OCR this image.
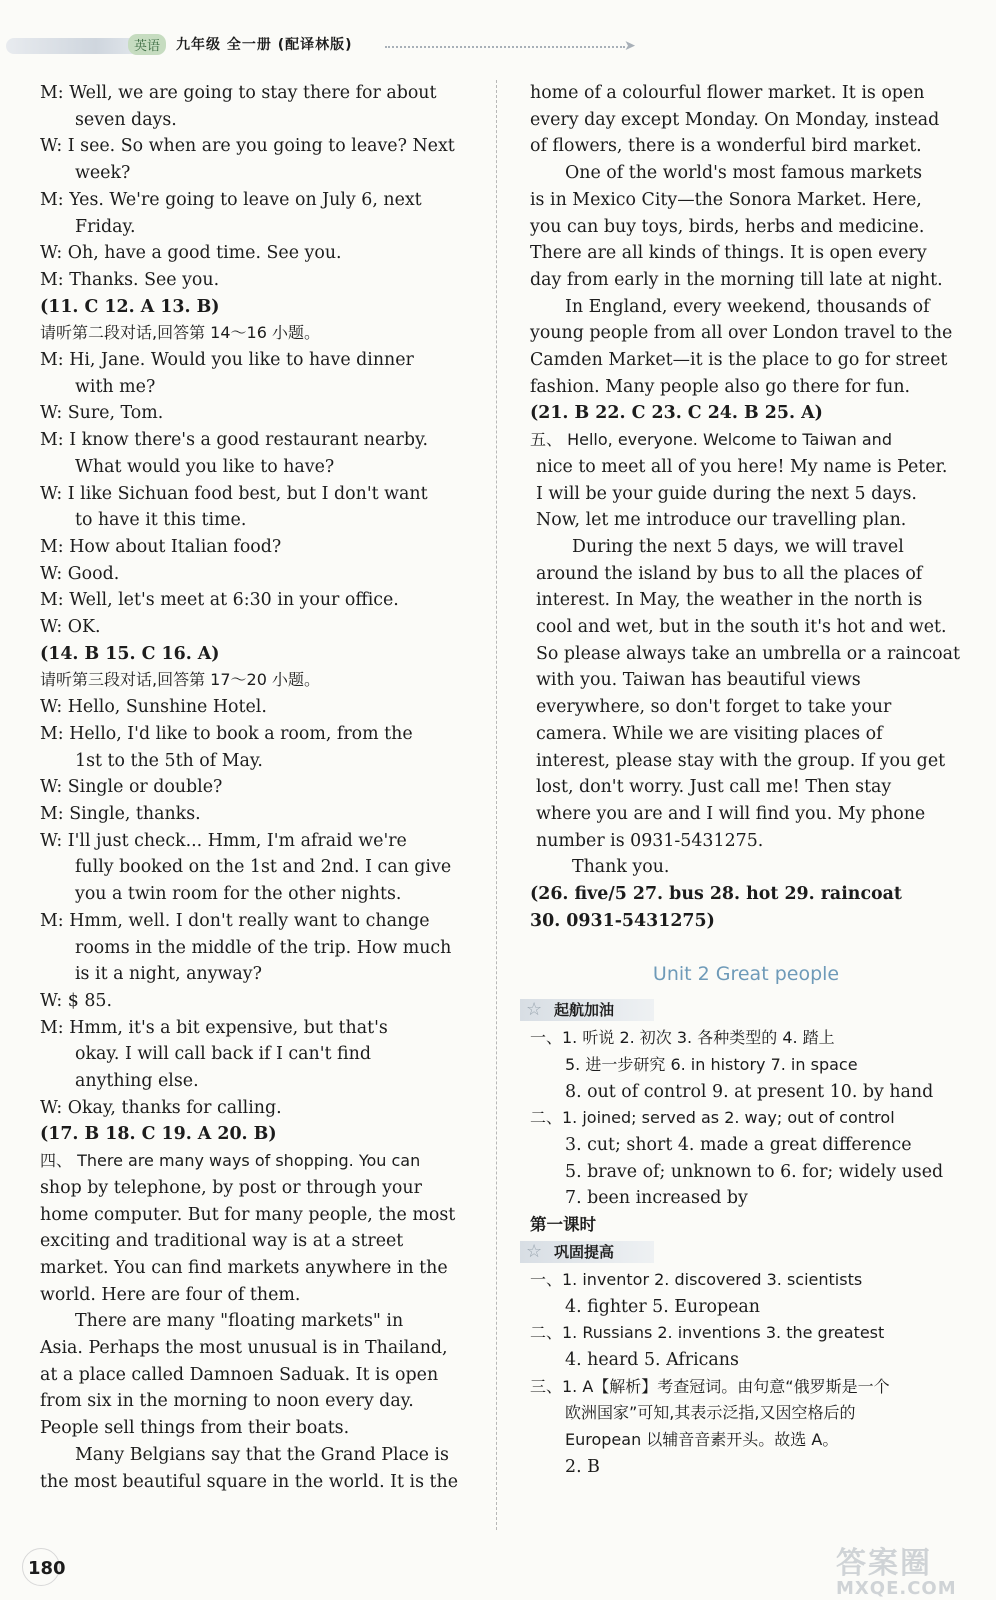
英语	九年级 全一册 (配译林版)	➤
M: Well, we are going to stay there for about
seven days.
W: I see. So when are you going to leave? Next
week?
M: Yes. We're going to leave on July 6, next
Friday.
W: Oh, have a good time. See you.
M: Thanks. See you.
(11. C 12. A 13. B)
请听第二段对话,回答第 14～16 小题。
M: Hi, Jane. Would you like to have dinner
with me?
W: Sure, Tom.
M: I know there's a good restaurant nearby.
What would you like to have?
W: I like Sichuan food best, but I don't want
to have it this time.
M: How about Italian food?
W: Good.
M: Well, let's meet at 6:30 in your office.
W: OK.
(14. B 15. C 16. A)
请听第三段对话,回答第 17～20 小题。
W: Hello, Sunshine Hotel.
M: Hello, I'd like to book a room, from the
1st to the 5th of May.
W: Single or double?
M: Single, thanks.
W: I'll just check... Hmm, I'm afraid we're
fully booked on the 1st and 2nd. I can give
you a twin room for the other nights.
M: Hmm, well. I don't really want to change
rooms in the middle of the trip. How much
is it a night, anyway?
W: $ 85.
M: Hmm, it's a bit expensive, but that's
okay. I will call back if I can't find
anything else.
W: Okay, thanks for calling.
(17. B 18. C 19. A 20. B)
四、 There are many ways of shopping. You can
shop by telephone, by post or through your
home computer. But for many people, the most
exciting and traditional way is at a street
market. You can find markets anywhere in the
world. Here are four of them.
There are many "floating markets" in
Asia. Perhaps the most unusual is in Thailand,
at a place called Damnoen Saduak. It is open
from six in the morning to noon every day.
People sell things from their boats.
Many Belgians say that the Grand Place is
the most beautiful square in the world. It is the
home of a colourful flower market. It is open
every day except Monday. On Monday, instead
of flowers, there is a wonderful bird market.
One of the world's most famous markets
is in Mexico City—the Sonora Market. Here,
you can buy toys, birds, herbs and medicine.
There are all kinds of things. It is open every
day from early in the morning till late at night.
In England, every weekend, thousands of
young people from all over London travel to the
Camden Market—it is the place to go for street
fashion. Many people also go there for fun.
(21. B 22. C 23. C 24. B 25. A)
五、 Hello, everyone. Welcome to Taiwan and
nice to meet all of you here! My name is Peter.
I will be your guide during the next 5 days.
Now, let me introduce our travelling plan.
During the next 5 days, we will travel
around the island by bus to all the places of
interest. In May, the weather in the north is
cool and wet, but in the south it's hot and wet.
So please always take an umbrella or a raincoat
with you. Taiwan has beautiful views
everywhere, so don't forget to take your
camera. While we are visiting places of
interest, please stay with the group. If you get
lost, don't worry. Just call me! Then stay
where you are and I will find you. My phone
number is 0931-5431275.
Thank you.
(26. five/5 27. bus 28. hot 29. raincoat
30. 0931-5431275)
Unit 2 Great people
☆ 起航加油
一、1. 听说 2. 初次 3. 各种类型的 4. 踏上
5. 进一步研究 6. in history 7. in space
8. out of control 9. at present 10. by hand
二、1. joined; served as 2. way; out of control
3. cut; short 4. made a great difference
5. brave of; unknown to 6. for; widely used
7. been increased by
第一课时
☆ 巩固提高
一、1. inventor 2. discovered 3. scientists
4. fighter 5. European
二、1. Russians 2. inventions 3. the greatest
4. heard 5. Africans
三、1. A【解析】考查冠词。由句意“俄罗斯是一个
欧洲国家”可知,其表示泛指,又因空格后的
European 以辅音音素开头。故选 A。
2. B
180	答案圈
MXQE.COM
